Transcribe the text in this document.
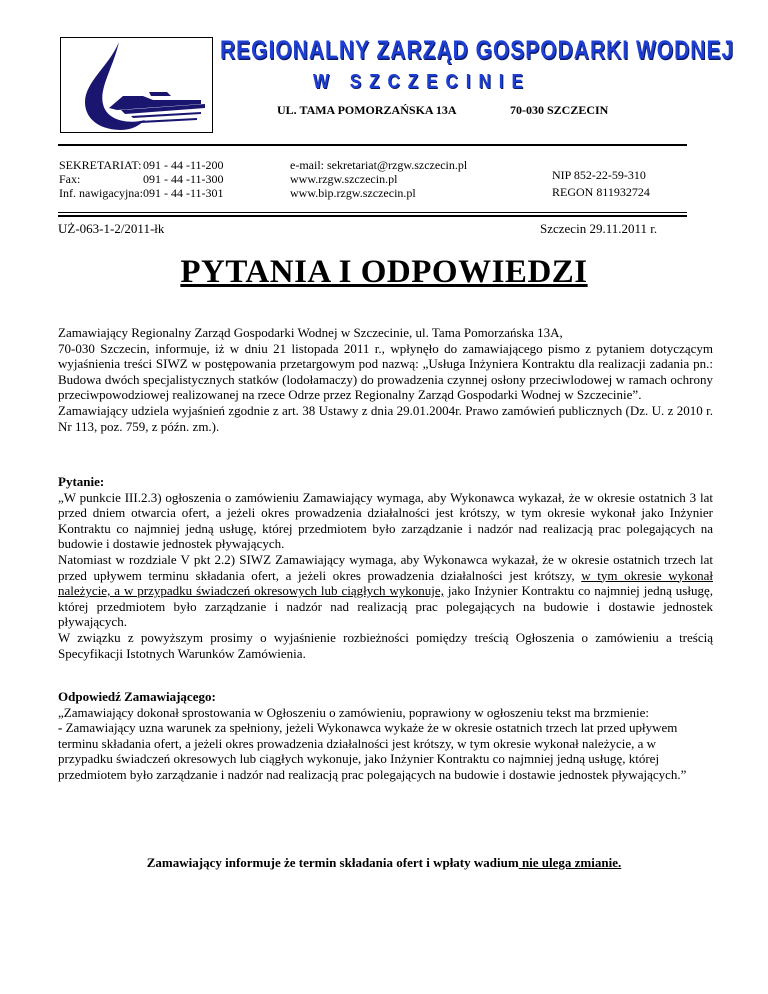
REGIONALNY ZARZĄD GOSPODARKI WODNEJ
W SZCZECINIE
UL. TAMA POMORZAŃSKA 13A	70-030 SZCZECIN
SEKRETARIAT:	091 - 44 -11-200
Fax:	091 - 44 -11-300
Inf. nawigacyjna:	091 - 44 -11-301
e-mail: sekretariat@rzgw.szczecin.pl
www.rzgw.szczecin.pl
www.bip.rzgw.szczecin.pl
NIP 852-22-59-310
REGON 811932724
UŻ-063-1-2/2011-łk	Szczecin 29.11.2011 r.
PYTANIA I ODPOWIEDZI

Zamawiający Regionalny Zarząd Gospodarki Wodnej w Szczecinie, ul. Tama Pomorzańska 13A,

70-030 Szczecin, informuje, iż w dniu 21 listopada 2011 r., wpłynęło do zamawiającego pismo z pytaniem dotyczącym wyjaśnienia treści SIWZ w postępowania przetargowym pod nazwą: „Usługa Inżyniera Kontraktu dla realizacji zadania pn.: Budowa dwóch specjalistycznych statków (lodołamaczy) do prowadzenia czynnej osłony przeciwlodowej w ramach ochrony przeciwpowodziowej realizowanej na rzece Odrze przez Regionalny Zarząd Gospodarki Wodnej w Szczecinie”.

Zamawiający udziela wyjaśnień zgodnie z art. 38 Ustawy z dnia 29.01.2004r. Prawo zamówień publicznych (Dz. U. z 2010 r. Nr 113, poz. 759, z późn. zm.).

Pytanie:

„W punkcie III.2.3) ogłoszenia o zamówieniu Zamawiający wymaga, aby Wykonawca wykazał, że w okresie ostatnich 3 lat przed dniem otwarcia ofert, a jeżeli okres prowadzenia działalności jest krótszy, w tym okresie wykonał jako Inżynier Kontraktu co najmniej jedną usługę, której przedmiotem było zarządzanie i nadzór nad realizacją prac polegających na budowie i dostawie jednostek pływających.

Natomiast w rozdziale V pkt 2.2) SIWZ Zamawiający wymaga, aby Wykonawca wykazał, że w okresie ostatnich trzech lat przed upływem terminu składania ofert, a jeżeli okres prowadzenia działalności jest krótszy, w tym okresie wykonał należycie, a w przypadku świadczeń okresowych lub ciągłych wykonuje, jako Inżynier Kontraktu co najmniej jedną usługę, której przedmiotem było zarządzanie i nadzór nad realizacją prac polegających na budowie i dostawie jednostek pływających.

W związku z powyższym prosimy o wyjaśnienie rozbieżności pomiędzy treścią Ogłoszenia o zamówieniu a treścią Specyfikacji Istotnych Warunków Zamówienia.

Odpowiedź Zamawiającego:

„Zamawiający dokonał sprostowania w Ogłoszeniu o zamówieniu, poprawiony w ogłoszeniu tekst ma brzmienie:

- Zamawiający uzna warunek za spełniony, jeżeli Wykonawca wykaże że w okresie ostatnich trzech lat przed upływem terminu składania ofert, a jeżeli okres prowadzenia działalności jest krótszy, w tym okresie wykonał należycie, a w przypadku świadczeń okresowych lub ciągłych wykonuje, jako Inżynier Kontraktu co najmniej jedną usługę, której przedmiotem było zarządzanie i nadzór nad realizacją prac polegających na budowie i dostawie jednostek pływających.”

Zamawiający informuje że termin składania ofert i wpłaty wadium nie ulega zmianie.
